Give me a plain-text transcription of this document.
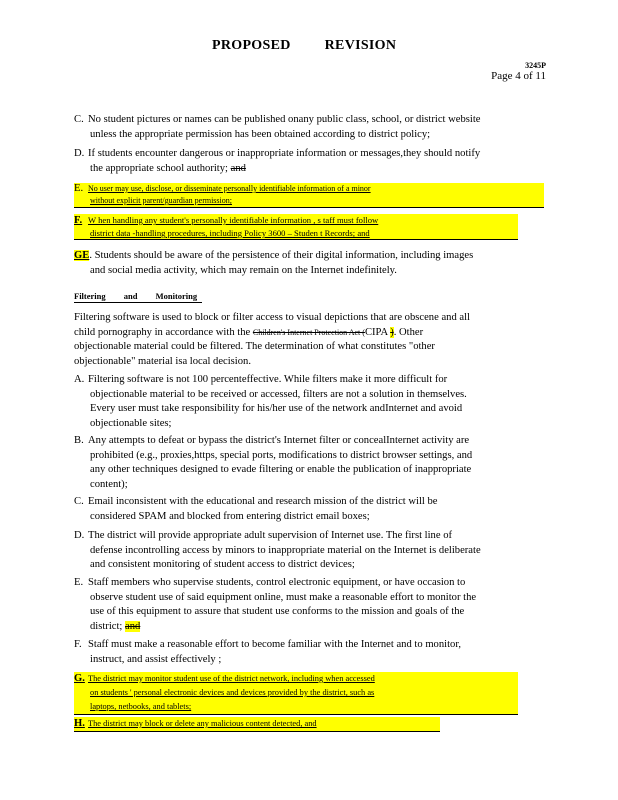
PROPOSED REVISION
3245P
Page 4 of 11
C. No student pictures or names can be published onany public class, school, or district website
unless the appropriate permission has been obtained according to district policy;
D. If students encounter dangerous or inappropriate information or messages,they should notify
the appropriate school authority; and
E. No user may use, disclose, or disseminate personally identifiable information of a minor
without explicit parent/guardian permission;
F. W hen handling any student's personally identifiable information , s taff must follow
district data -handling procedures, including Policy 3600 – Studen t Records; and
GE. Students should be aware of the persistence of their digital information, including images
and social media activity, which may remain on the Internet indefinitely.
Filtering and Monitoring
Filtering software is used to block or filter access to visual depictions that are obscene and all
child pornography in accordance with the Children's Internet Protection Act (CIPA ). Other
objectionable material could be filtered. The determination of what constitutes "other
objectionable" material isa local decision.
A. Filtering software is not 100 percenteffective. While filters make it more difficult for
objectionable material to be received or accessed, filters are not a solution in themselves.
Every user must take responsibility for his/her use of the network andInternet and avoid
objectionable sites;
B. Any attempts to defeat or bypass the district's Internet filter or concealInternet activity are
prohibited (e.g., proxies,https, special ports, modifications to district browser settings, and
any other techniques designed to evade filtering or enable the publication of inappropriate
content);
C. Email inconsistent with the educational and research mission of the district will be
considered SPAM and blocked from entering district email boxes;
D. The district will provide appropriate adult supervision of Internet use. The first line of
defense incontrolling access by minors to inappropriate material on the Internet is deliberate
and consistent monitoring of student access to district devices;
E. Staff members who supervise students, control electronic equipment, or have occasion to
observe student use of said equipment online, must make a reasonable effort to monitor the
use of this equipment to assure that student use conforms to the mission and goals of the
district; and
F. Staff must make a reasonable effort to become familiar with the Internet and to monitor,
instruct, and assist effectively ;
G. The district may monitor student use of the district network, including when accessed
on students ' personal electronic devices and devices provided by the district, such as
laptops, netbooks, and tablets;
H. The district may block or delete any malicious content detected, and
